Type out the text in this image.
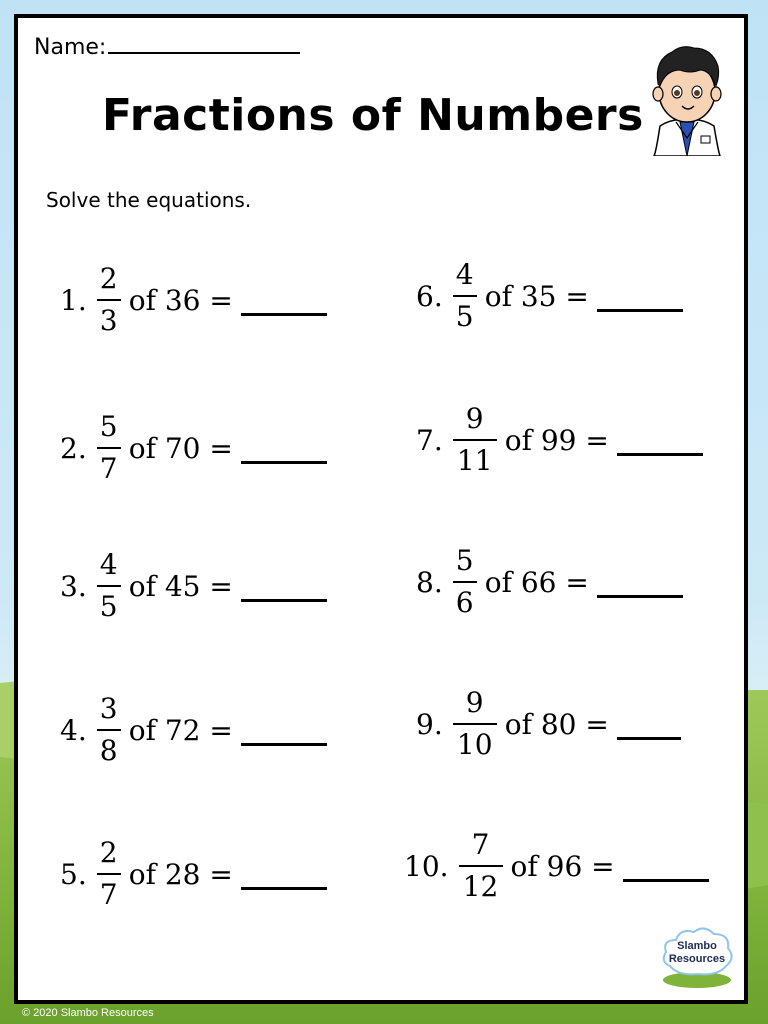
Name:
Fractions of Numbers
Solve the equations.
1. $\frac{2}{3}$ of 36 =
2. $\frac{5}{7}$ of 70 =
3. $\frac{4}{5}$ of 45 =
4. $\frac{3}{8}$ of 72 =
5. $\frac{2}{7}$ of 28 =
6. $\frac{4}{5}$ of 35 =
7. $\frac{9}{11}$ of 99 =
8. $\frac{5}{6}$ of 66 =
9. $\frac{9}{10}$ of 80 =
10. $\frac{7}{12}$ of 96 =
Slambo
Resources
© 2020 Slambo Resources
